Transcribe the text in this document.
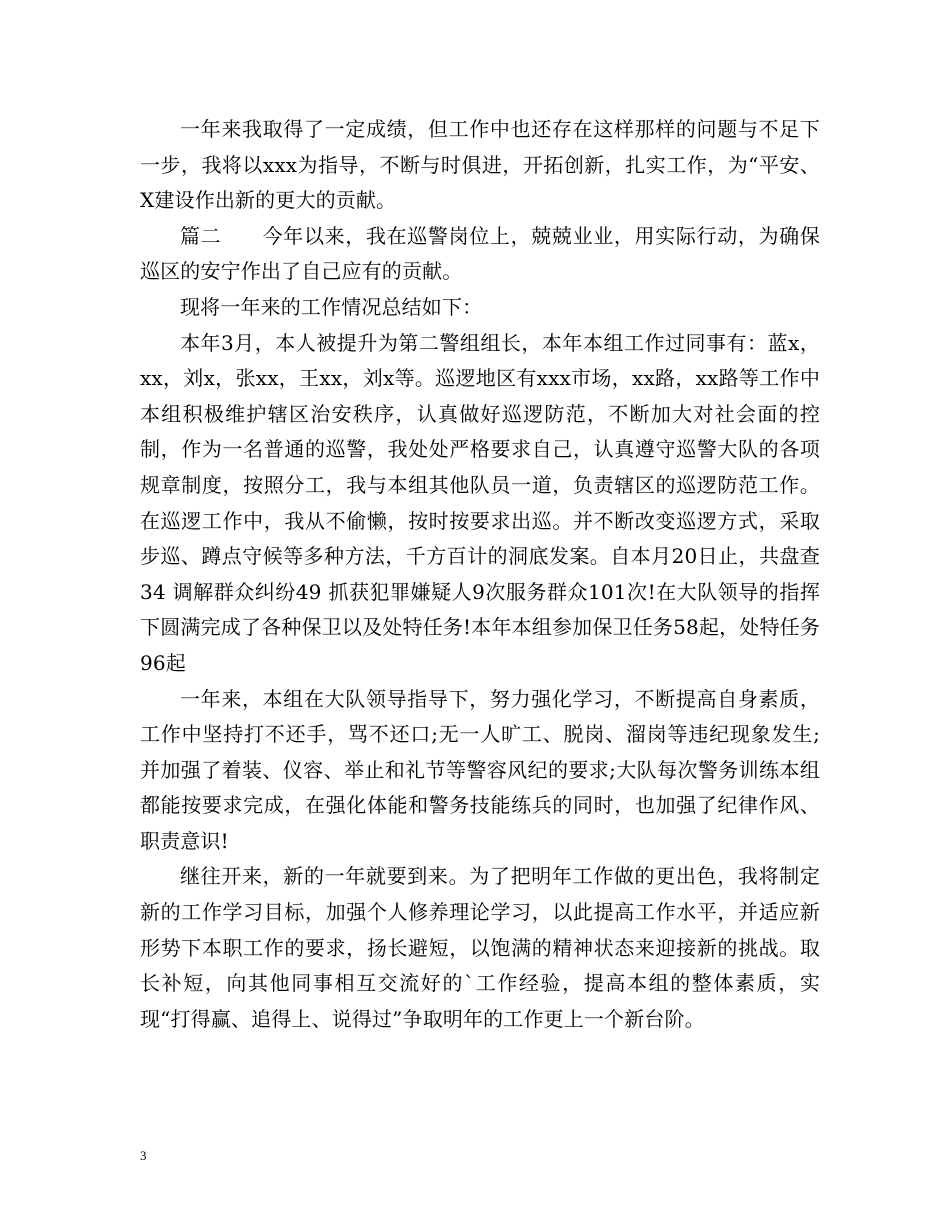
一年来我取得了一定成绩，但工作中也还存在这样那样的问题与不足下一步，我将以xxx为指导，不断与时俱进，开拓创新，扎实工作，为“平安、X建设作出新的更大的贡献。

篇二　　今年以来，我在巡警岗位上，兢兢业业，用实际行动，为确保巡区的安宁作出了自己应有的贡献。

现将一年来的工作情况总结如下：

本年3月，本人被提升为第二警组组长，本年本组工作过同事有：蓝x，xx，刘x，张xx，王xx，刘x等。巡逻地区有xxx市场，xx路，xx路等工作中本组积极维护辖区治安秩序，认真做好巡逻防范，不断加大对社会面的控制，作为一名普通的巡警，我处处严格要求自己，认真遵守巡警大队的各项规章制度，按照分工，我与本组其他队员一道，负责辖区的巡逻防范工作。在巡逻工作中，我从不偷懒，按时按要求出巡。并不断改变巡逻方式，采取步巡、蹲点守候等多种方法，千方百计的洞底发案。自本月20日止，共盘查34 调解群众纠纷49 抓获犯罪嫌疑人9次服务群众101次!在大队领导的指挥下圆满完成了各种保卫以及处特任务!本年本组参加保卫任务58起，处特任务96起

一年来，本组在大队领导指导下，努力强化学习，不断提高自身素质，工作中坚持打不还手，骂不还口;无一人旷工、脱岗、溜岗等违纪现象发生; 并加强了着装、仪容、举止和礼节等警容风纪的要求;大队每次警务训练本组都能按要求完成，在强化体能和警务技能练兵的同时，也加强了纪律作风、职责意识!

继往开来，新的一年就要到来。为了把明年工作做的更出色，我将制定新的工作学习目标，加强个人修养理论学习，以此提高工作水平，并适应新形势下本职工作的要求，扬长避短，以饱满的精神状态来迎接新的挑战。取长补短，向其他同事相互交流好的`工作经验，提高本组的整体素质，实现“打得赢、追得上、说得过”争取明年的工作更上一个新台阶。

3
